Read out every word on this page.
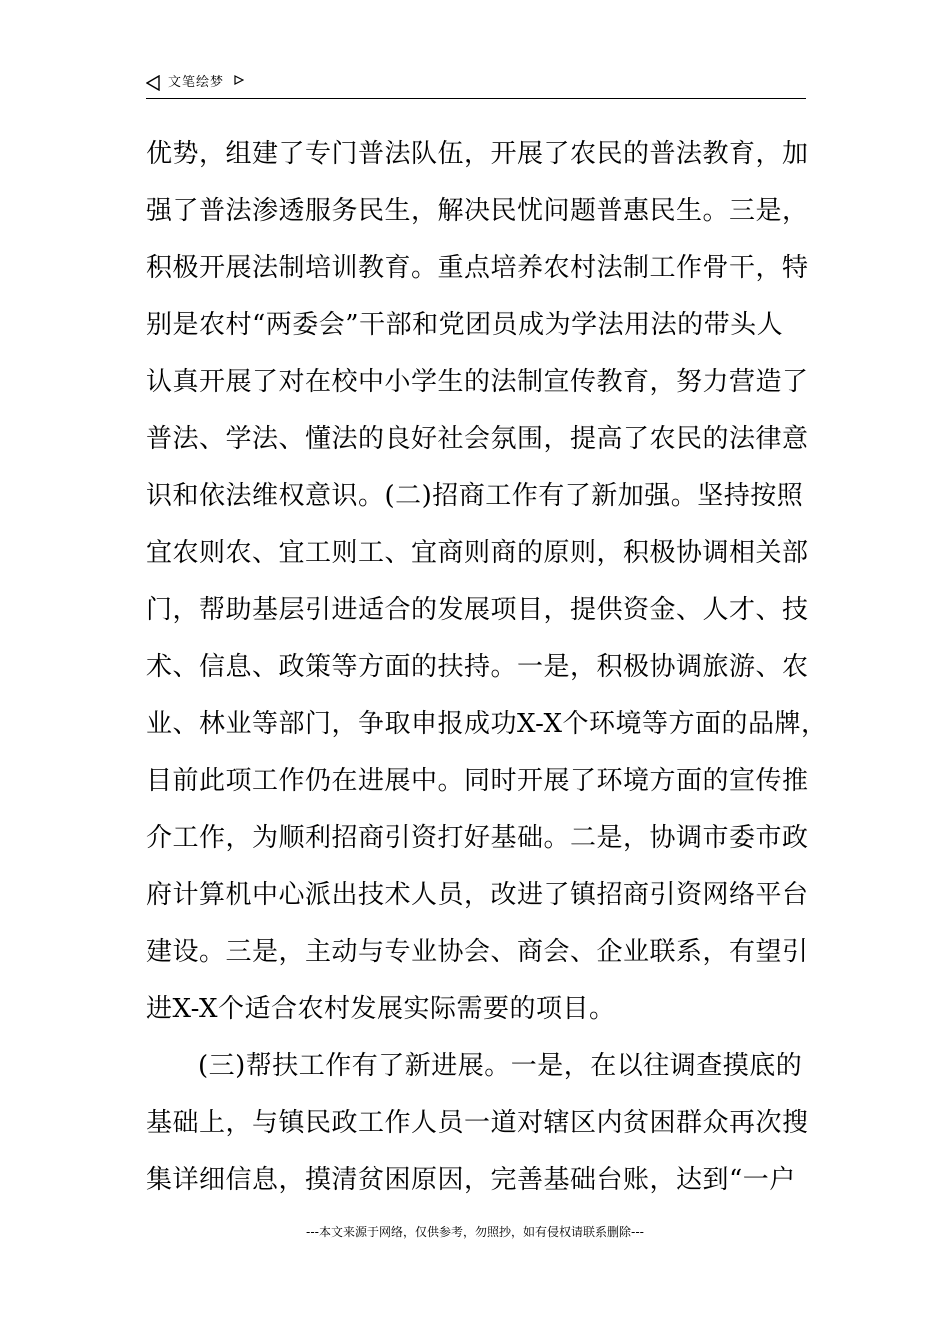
文笔绘梦
优势，组建了专门普法队伍，开展了农民的普法教育，加
强了普法渗透服务民生，解决民忧问题普惠民生。三是，
积极开展法制培训教育。重点培养农村法制工作骨干，特
别是农村“两委会”干部和党团员成为学法用法的带头人
认真开展了对在校中小学生的法制宣传教育，努力营造了
普法、学法、懂法的良好社会氛围，提高了农民的法律意
识和依法维权意识。(二)招商工作有了新加强。坚持按照
宜农则农、宜工则工、宜商则商的原则，积极协调相关部
门，帮助基层引进适合的发展项目，提供资金、人才、技
术、信息、政策等方面的扶持。一是，积极协调旅游、农
业、林业等部门，争取申报成功X-X个环境等方面的品牌，
目前此项工作仍在进展中。同时开展了环境方面的宣传推
介工作，为顺利招商引资打好基础。二是，协调市委市政
府计算机中心派出技术人员，改进了镇招商引资网络平台
建设。三是，主动与专业协会、商会、企业联系，有望引
进X-X个适合农村发展实际需要的项目。
(三)帮扶工作有了新进展。一是，在以往调查摸底的
基础上，与镇民政工作人员一道对辖区内贫困群众再次搜
集详细信息，摸清贫困原因，完善基础台账，达到“一户
---本文来源于网络，仅供参考，勿照抄，如有侵权请联系删除---
